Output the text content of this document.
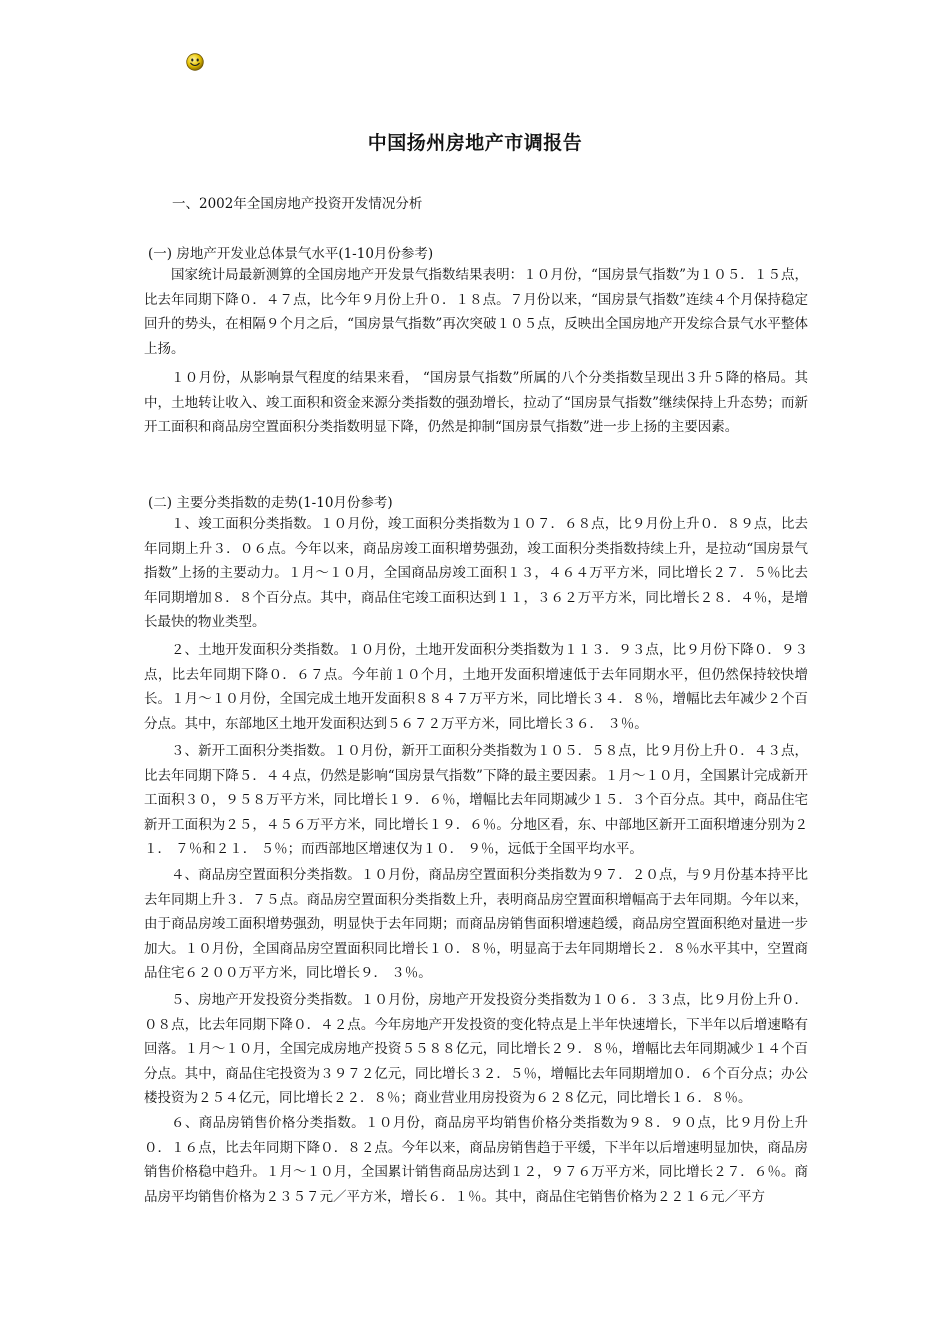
中国扬州房地产市调报告

一、2002年全国房地产投资开发情况分析

(一) 房地产开发业总体景气水平(1-10月份参考)

国家统计局最新测算的全国房地产开发景气指数结果表明：１０月份，“国房景气指数”为１０５．１５点，比去年同期下降０．４７点，比今年９月份上升０．１８点。７月份以来，“国房景气指数”连续４个月保持稳定回升的势头，在相隔９个月之后，“国房景气指数”再次突破１０５点，反映出全国房地产开发综合景气水平整体上扬。

１０月份，从影响景气程度的结果来看， “国房景气指数”所属的八个分类指数呈现出３升５降的格局。其中，土地转让收入、竣工面积和资金来源分类指数的强劲增长，拉动了“国房景气指数”继续保持上升态势；而新开工面积和商品房空置面积分类指数明显下降，仍然是抑制“国房景气指数”进一步上扬的主要因素。

(二) 主要分类指数的走势(1-10月份参考)

１、竣工面积分类指数。１０月份，竣工面积分类指数为１０７．６８点，比９月份上升０．８９点，比去年同期上升３．０６点。今年以来，商品房竣工面积增势强劲，竣工面积分类指数持续上升，是拉动“国房景气指数”上扬的主要动力。１月～１０月，全国商品房竣工面积１３，４６４万平方米，同比增长２７．５％比去年同期增加８．８个百分点。其中，商品住宅竣工面积达到１１，３６２万平方米，同比增长２８．４％，是增长最快的物业类型。

２、土地开发面积分类指数。１０月份，土地开发面积分类指数为１１３．９３点，比９月份下降０．９３点，比去年同期下降０．６７点。今年前１０个月，土地开发面积增速低于去年同期水平，但仍然保持较快增长。１月～１０月份，全国完成土地开发面积８８４７万平方米，同比增长３４．８％，增幅比去年减少２个百分点。其中，东部地区土地开发面积达到５６７２万平方米，同比增长３６． ３％。

３、新开工面积分类指数。１０月份，新开工面积分类指数为１０５．５８点，比９月份上升０．４３点，比去年同期下降５．４４点，仍然是影响“国房景气指数”下降的最主要因素。１月～１０月，全国累计完成新开工面积３０，９５８万平方米，同比增长１９．６％，增幅比去年同期减少１５．３个百分点。其中，商品住宅新开工面积为２５，４５６万平方米，同比增长１９．６％。分地区看，东、中部地区新开工面积增速分别为２１． ７％和２１． ５％；而西部地区增速仅为１０． ９％，远低于全国平均水平。

４、商品房空置面积分类指数。１０月份，商品房空置面积分类指数为９７．２０点，与９月份基本持平比去年同期上升３．７５点。商品房空置面积分类指数上升，表明商品房空置面积增幅高于去年同期。今年以来，由于商品房竣工面积增势强劲，明显快于去年同期；而商品房销售面积增速趋缓，商品房空置面积绝对量进一步加大。１０月份，全国商品房空置面积同比增长１０．８％，明显高于去年同期增长２．８％水平其中，空置商品住宅６２００万平方米，同比增长９． ３％。

５、房地产开发投资分类指数。１０月份，房地产开发投资分类指数为１０６．３３点，比９月份上升０．０８点，比去年同期下降０．４２点。今年房地产开发投资的变化特点是上半年快速增长，下半年以后增速略有回落。１月～１０月，全国完成房地产投资５５８８亿元，同比增长２９．８％，增幅比去年同期减少１４个百分点。其中，商品住宅投资为３９７２亿元，同比增长３２．５％，增幅比去年同期增加０．６个百分点；办公楼投资为２５４亿元，同比增长２２．８％；商业营业用房投资为６２８亿元，同比增长１６．８％。

６、商品房销售价格分类指数。１０月份，商品房平均销售价格分类指数为９８．９０点，比９月份上升０．１６点，比去年同期下降０．８２点。今年以来，商品房销售趋于平缓，下半年以后增速明显加快，商品房销售价格稳中趋升。１月～１０月，全国累计销售商品房达到１２，９７６万平方米，同比增长２７．６％。商品房平均销售价格为２３５７元／平方米，增长６．１％。其中，商品住宅销售价格为２２１６元／平方
